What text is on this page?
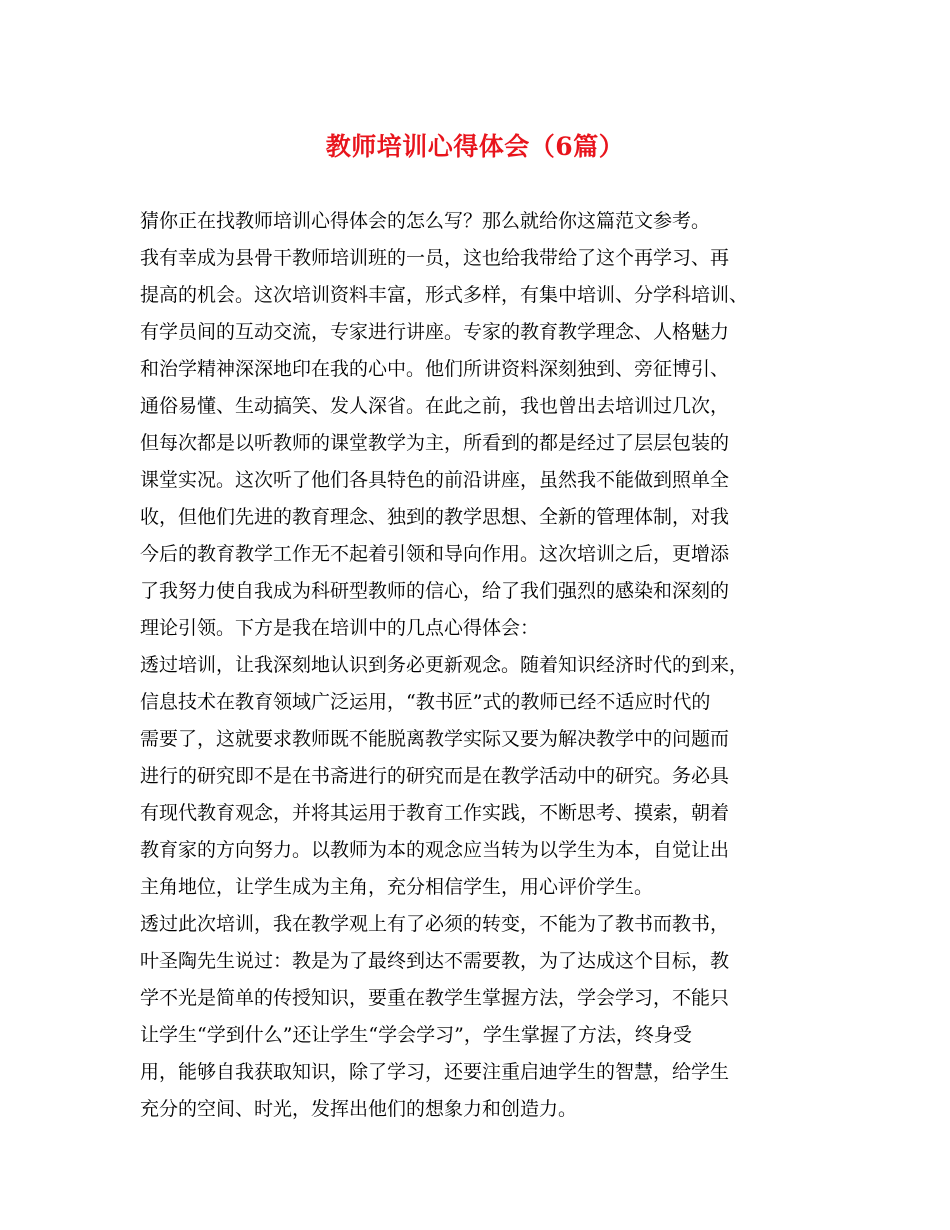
教师培训心得体会（6篇）
猜你正在找教师培训心得体会的怎么写？那么就给你这篇范文参考。
我有幸成为县骨干教师培训班的一员，这也给我带给了这个再学习、再
提高的机会。这次培训资料丰富，形式多样，有集中培训、分学科培训、
有学员间的互动交流，专家进行讲座。专家的教育教学理念、人格魅力
和治学精神深深地印在我的心中。他们所讲资料深刻独到、旁征博引、
通俗易懂、生动搞笑、发人深省。在此之前，我也曾出去培训过几次，
但每次都是以听教师的课堂教学为主，所看到的都是经过了层层包装的
课堂实况。这次听了他们各具特色的前沿讲座，虽然我不能做到照单全
收，但他们先进的教育理念、独到的教学思想、全新的管理体制，对我
今后的教育教学工作无不起着引领和导向作用。这次培训之后，更增添
了我努力使自我成为科研型教师的信心，给了我们强烈的感染和深刻的
理论引领。下方是我在培训中的几点心得体会：
透过培训，让我深刻地认识到务必更新观念。随着知识经济时代的到来，
信息技术在教育领域广泛运用，“教书匠”式的教师已经不适应时代的
需要了，这就要求教师既不能脱离教学实际又要为解决教学中的问题而
进行的研究即不是在书斋进行的研究而是在教学活动中的研究。务必具
有现代教育观念，并将其运用于教育工作实践，不断思考、摸索，朝着
教育家的方向努力。以教师为本的观念应当转为以学生为本，自觉让出
主角地位，让学生成为主角，充分相信学生，用心评价学生。
透过此次培训，我在教学观上有了必须的转变，不能为了教书而教书，
叶圣陶先生说过：教是为了最终到达不需要教，为了达成这个目标，教
学不光是简单的传授知识，要重在教学生掌握方法，学会学习，不能只
让学生“学到什么”还让学生“学会学习”，学生掌握了方法，终身受
用，能够自我获取知识，除了学习，还要注重启迪学生的智慧，给学生
充分的空间、时光，发挥出他们的想象力和创造力。
